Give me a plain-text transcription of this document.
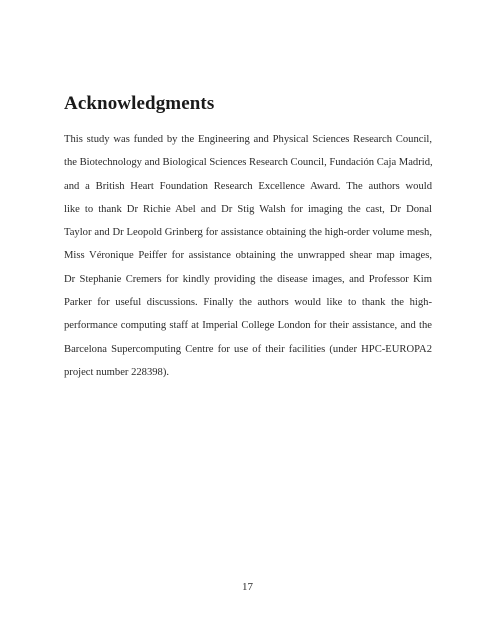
Acknowledgments
This study was funded by the Engineering and Physical Sciences Research Council,
the Biotechnology and Biological Sciences Research Council, Fundación Caja Madrid,
and a British Heart Foundation Research Excellence Award. The authors would
like to thank Dr Richie Abel and Dr Stig Walsh for imaging the cast, Dr Donal
Taylor and Dr Leopold Grinberg for assistance obtaining the high-order volume mesh,
Miss Véronique Peiffer for assistance obtaining the unwrapped shear map images,
Dr Stephanie Cremers for kindly providing the disease images, and Professor Kim
Parker for useful discussions. Finally the authors would like to thank the high-
performance computing staff at Imperial College London for their assistance, and the
Barcelona Supercomputing Centre for use of their facilities (under HPC-EUROPA2
project number 228398).
17
